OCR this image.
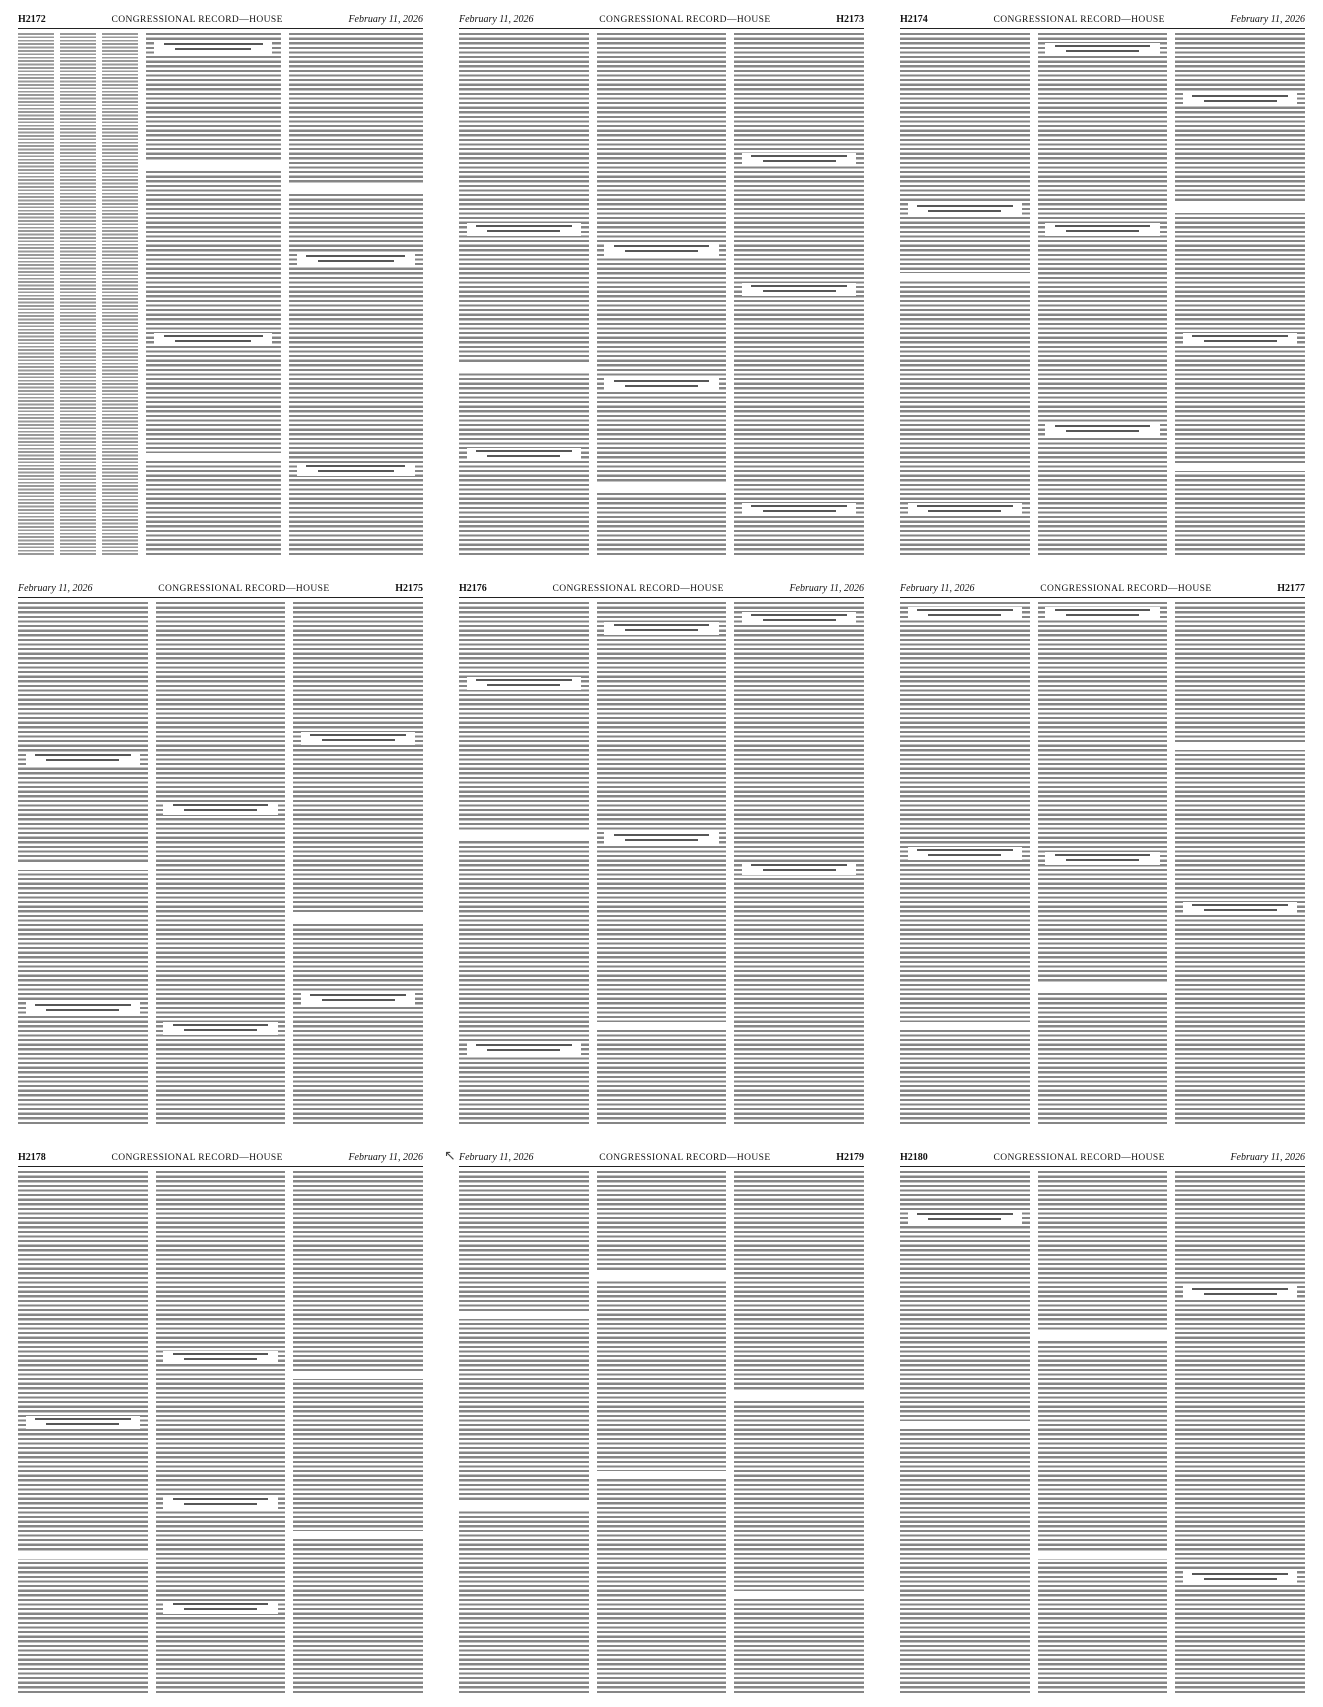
H2172	CONGRESSIONAL RECORD—HOUSE	February 11, 2026	February 11, 2026	CONGRESSIONAL RECORD—HOUSE	H2173	H2174	CONGRESSIONAL RECORD—HOUSE	February 11, 2026
February 11, 2026	CONGRESSIONAL RECORD—HOUSE	H2175	H2176	CONGRESSIONAL RECORD—HOUSE	February 11, 2026	February 11, 2026	CONGRESSIONAL RECORD—HOUSE	H2177
H2178	CONGRESSIONAL RECORD—HOUSE	February 11, 2026	February 11, 2026	CONGRESSIONAL RECORD—HOUSE	H2179	H2180	CONGRESSIONAL RECORD—HOUSE	February 11, 2026
↖
